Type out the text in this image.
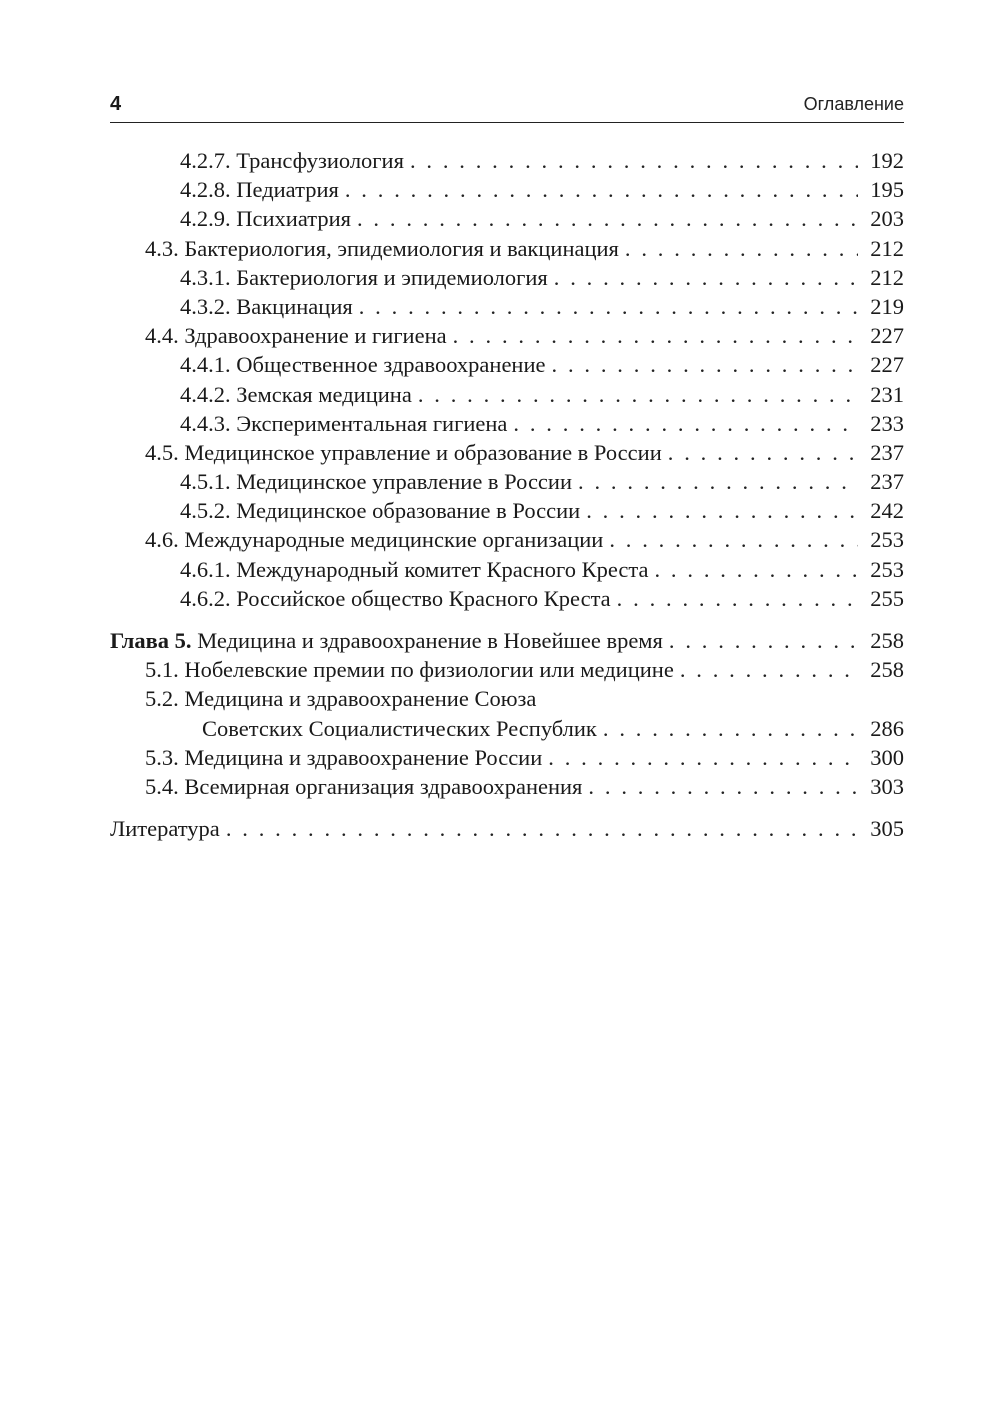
4	Оглавление
4.2.7. Трансфузиология . . .	192
4.2.8. Педиатрия . . .	195
4.2.9. Психиатрия . . .	203
4.3. Бактериология, эпидемиология и вакцинация . . .	212
4.3.1. Бактериология и эпидемиология . . .	212
4.3.2. Вакцинация . . .	219
4.4. Здравоохранение и гигиена . . .	227
4.4.1. Общественное здравоохранение . . .	227
4.4.2. Земская медицина . . .	231
4.4.3. Экспериментальная гигиена . . .	233
4.5. Медицинское управление и образование в России . . .	237
4.5.1. Медицинское управление в России . . .	237
4.5.2. Медицинское образование в России . . .	242
4.6. Международные медицинские организации . . .	253
4.6.1. Международный комитет Красного Креста . . .	253
4.6.2. Российское общество Красного Креста . . .	255
Глава 5. Медицина и здравоохранение в Новейшее время . . .	258
5.1. Нобелевские премии по физиологии или медицине . . .	258
5.2. Медицина и здравоохранение Союза
Советских Социалистических Республик . . .	286
5.3. Медицина и здравоохранение России . . .	300
5.4. Всемирная организация здравоохранения . . .	303
Литература . . .	305
